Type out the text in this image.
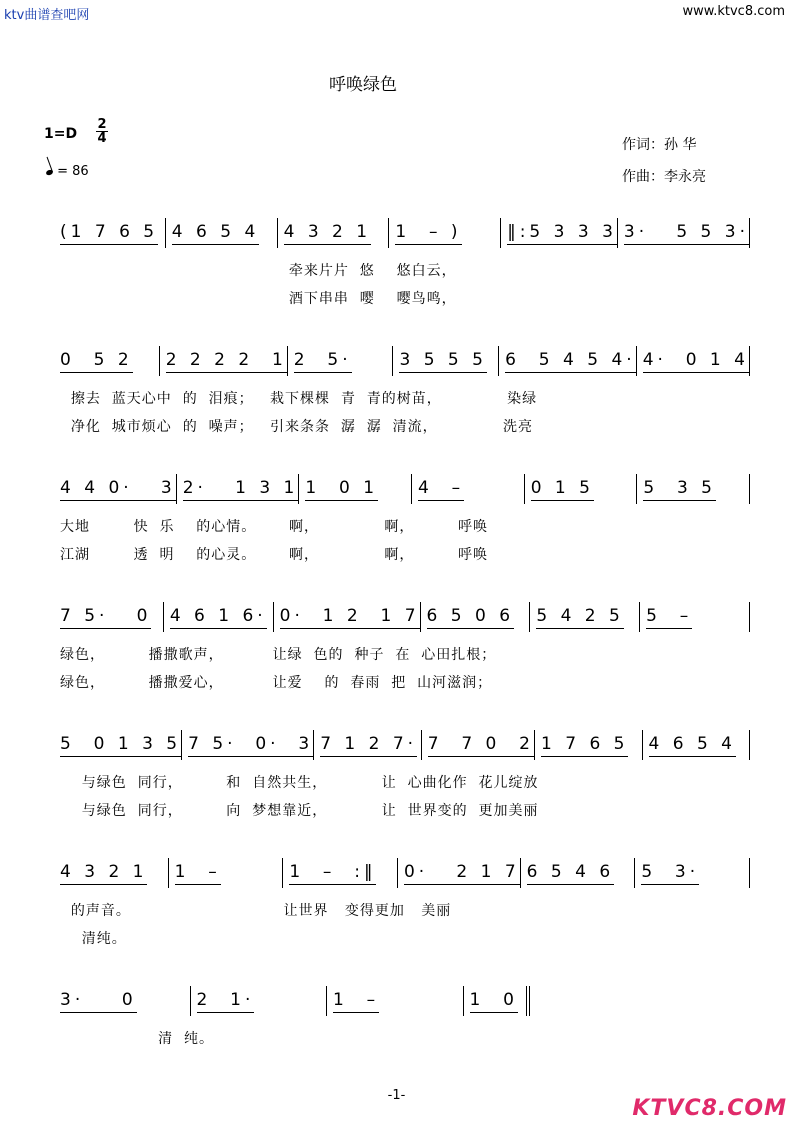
ktv曲谱查吧网	www.ktvc8.com
呼唤绿色
1=D
2
4
= 86
作词：孙 华
作曲：李永亮
(1 7 6 5 4 6 5 4 4 3 2 1 1  – )	‖:5 3 3 3 3·   5 5 3·
牵来片片  悠    悠白云，
酒下串串  嘤    嘤鸟鸣，
0  5 2 2 2 2 2  1 2  5·	3 5 5 5 6  5 4 5 4· 4·  0 1 4
擦去  蓝天心中  的  泪痕；   栽下棵棵  青  青的树苗，            染绿
净化  城市烦心  的  噪声；   引来条条  潺  潺  清流，            洗亮
4 4 0·   3 2·   1 3 1 1  0 1 4  –	0 1 5	5  3 5
大地        快  乐    的心情。      啊，            啊，        呼唤
江湖        透  明    的心灵。      啊，            啊，        呼唤
7 5·   0 4 6 1 6· 0·  1 2  1 7 6 5 0 6 5 4 2 5 5  –
绿色，        播撒歌声，         让绿  色的  种子  在  心田扎根；
绿色，        播撒爱心，         让爱    的  春雨  把  山河滋润；
5  0 1 3 5 7 5·  0·  3 7 1 2 7· 7  7 0  2 1 7 6 5 4 6 5 4
与绿色  同行，        和  自然共生，          让  心曲化作  花儿绽放
与绿色  同行，        向  梦想靠近，          让  世界变的  更加美丽
4 3 2 1 1  –	1  –  :‖ 0·   2 1 7 6 5 4 6 5  3·
的声音。                            让世界   变得更加   美丽
清纯。
3·    0	2  1·	1  –	1  0
清  纯。
-1-
KTVC8.COM
